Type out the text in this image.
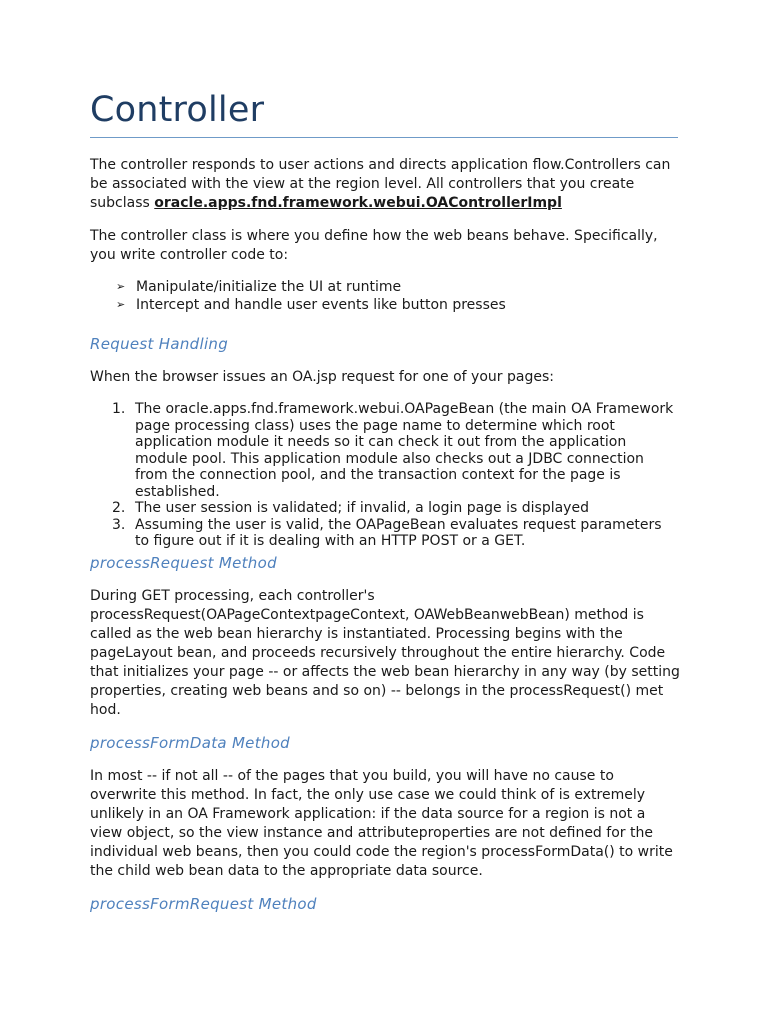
Controller

The controller responds to user actions and directs application flow.Controllers can be associated with the view at the region level. All controllers that you create subclass oracle.apps.fnd.framework.webui.OAControllerImpl

The controller class is where you define how the web beans behave. Specifically, you write controller code to:

➢ Manipulate/initialize the UI at runtime
➢ Intercept and handle user events like button presses
Request Handling

When the browser issues an OA.jsp request for one of your pages:

1. The oracle.apps.fnd.framework.webui.OAPageBean (the main OA Framework page processing class) uses the page name to determine which root application module it needs so it can check it out from the application module pool. This application module also checks out a JDBC connection from the connection pool, and the transaction context for the page is established.
2. The user session is validated; if invalid, a login page is displayed
3. Assuming the user is valid, the OAPageBean evaluates request parameters to figure out if it is dealing with an HTTP POST or a GET.
processRequest Method

During GET processing, each controller's processRequest(OAPageContextpageContext, OAWebBeanwebBean) method is called as the web bean hierarchy is instantiated. Processing begins with the pageLayout bean, and proceeds recursively throughout the entire hierarchy. Code that initializes your page -- or affects the web bean hierarchy in any way (by setting properties, creating web beans and so on) -- belongs in the processRequest() met hod.

processFormData Method

In most -- if not all -- of the pages that you build, you will have no cause to overwrite this method. In fact, the only use case we could think of is extremely unlikely in an OA Framework application: if the data source for a region is not a view object, so the view instance and attributeproperties are not defined for the individual web beans, then you could code the region's processFormData() to write the child web bean data to the appropriate data source.

processFormRequest Method
